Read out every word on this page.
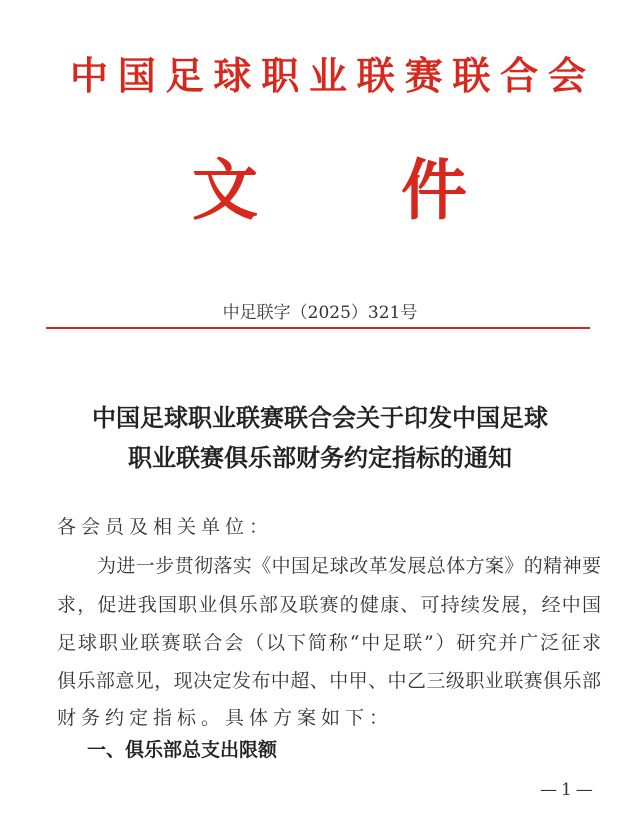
中国足球职业联赛联合会
文件
中足联字（2025）321号
中国足球职业联赛联合会关于印发中国足球
职业联赛俱乐部财务约定指标的通知
各会员及相关单位：
为进一步贯彻落实《中国足球改革发展总体方案》的精神要
求，促进我国职业俱乐部及联赛的健康、可持续发展，经中国
足球职业联赛联合会（以下简称“中足联”）研究并广泛征求
俱乐部意见，现决定发布中超、中甲、中乙三级职业联赛俱乐部
财务约定指标。具体方案如下：
一、俱乐部总支出限额
—1—
